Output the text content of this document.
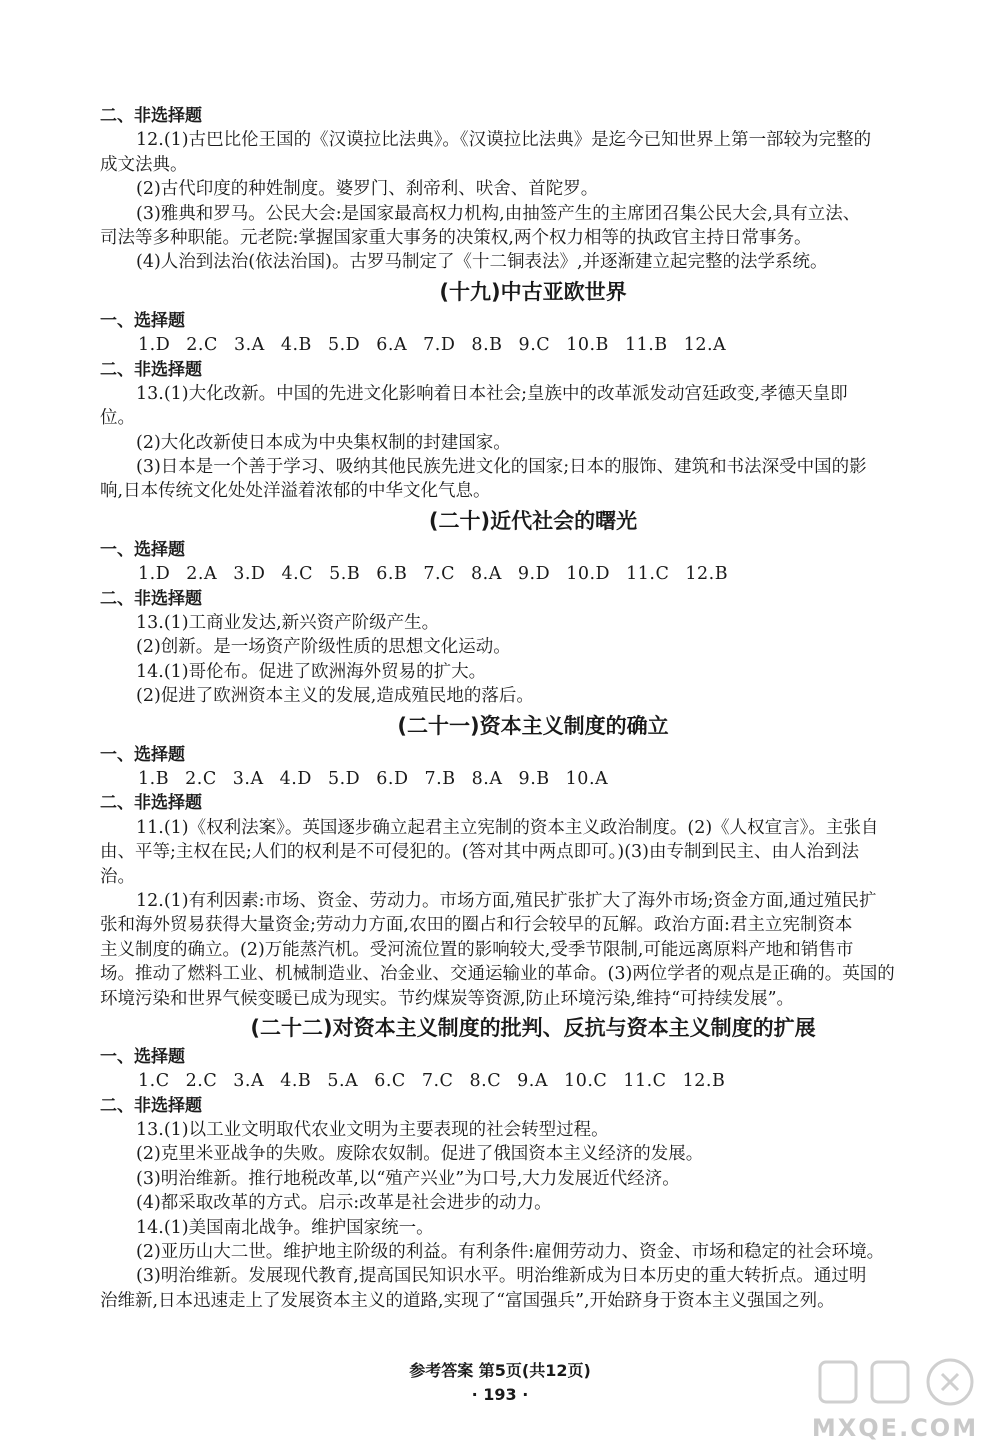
二、非选择题
12.(1)古巴比伦王国的《汉谟拉比法典》。《汉谟拉比法典》是迄今已知世界上第一部较为完整的
成文法典。
(2)古代印度的种姓制度。婆罗门、刹帝利、吠舍、首陀罗。
(3)雅典和罗马。公民大会:是国家最高权力机构,由抽签产生的主席团召集公民大会,具有立法、
司法等多种职能。元老院:掌握国家重大事务的决策权,两个权力相等的执政官主持日常事务。
(4)人治到法治(依法治国)。古罗马制定了《十二铜表法》,并逐渐建立起完整的法学系统。
(十九)中古亚欧世界
一、选择题
1.D 2.C 3.A 4.B 5.D 6.A 7.D 8.B 9.C 10.B 11.B 12.A
二、非选择题
13.(1)大化改新。中国的先进文化影响着日本社会;皇族中的改革派发动宫廷政变,孝德天皇即
位。
(2)大化改新使日本成为中央集权制的封建国家。
(3)日本是一个善于学习、吸纳其他民族先进文化的国家;日本的服饰、建筑和书法深受中国的影
响,日本传统文化处处洋溢着浓郁的中华文化气息。
(二十)近代社会的曙光
一、选择题
1.D 2.A 3.D 4.C 5.B 6.B 7.C 8.A 9.D 10.D 11.C 12.B
二、非选择题
13.(1)工商业发达,新兴资产阶级产生。
(2)创新。是一场资产阶级性质的思想文化运动。
14.(1)哥伦布。促进了欧洲海外贸易的扩大。
(2)促进了欧洲资本主义的发展,造成殖民地的落后。
(二十一)资本主义制度的确立
一、选择题
1.B 2.C 3.A 4.D 5.D 6.D 7.B 8.A 9.B 10.A
二、非选择题
11.(1)《权利法案》。英国逐步确立起君主立宪制的资本主义政治制度。(2)《人权宣言》。主张自
由、平等;主权在民;人们的权利是不可侵犯的。(答对其中两点即可。)(3)由专制到民主、由人治到法
治。
12.(1)有利因素:市场、资金、劳动力。市场方面,殖民扩张扩大了海外市场;资金方面,通过殖民扩
张和海外贸易获得大量资金;劳动力方面,农田的圈占和行会较早的瓦解。政治方面:君主立宪制资本
主义制度的确立。(2)万能蒸汽机。受河流位置的影响较大,受季节限制,可能远离原料产地和销售市
场。推动了燃料工业、机械制造业、冶金业、交通运输业的革命。(3)两位学者的观点是正确的。英国的
环境污染和世界气候变暖已成为现实。节约煤炭等资源,防止环境污染,维持“可持续发展”。
(二十二)对资本主义制度的批判、反抗与资本主义制度的扩展
一、选择题
1.C 2.C 3.A 4.B 5.A 6.C 7.C 8.C 9.A 10.C 11.C 12.B
二、非选择题
13.(1)以工业文明取代农业文明为主要表现的社会转型过程。
(2)克里米亚战争的失败。废除农奴制。促进了俄国资本主义经济的发展。
(3)明治维新。推行地税改革,以“殖产兴业”为口号,大力发展近代经济。
(4)都采取改革的方式。启示:改革是社会进步的动力。
14.(1)美国南北战争。维护国家统一。
(2)亚历山大二世。维护地主阶级的利益。有利条件:雇佣劳动力、资金、市场和稳定的社会环境。
(3)明治维新。发展现代教育,提高国民知识水平。明治维新成为日本历史的重大转折点。通过明
治维新,日本迅速走上了发展资本主义的道路,实现了“富国强兵”,开始跻身于资本主义强国之列。
参考答案 第5页(共12页)
· 193 ·
MXQE.COM
